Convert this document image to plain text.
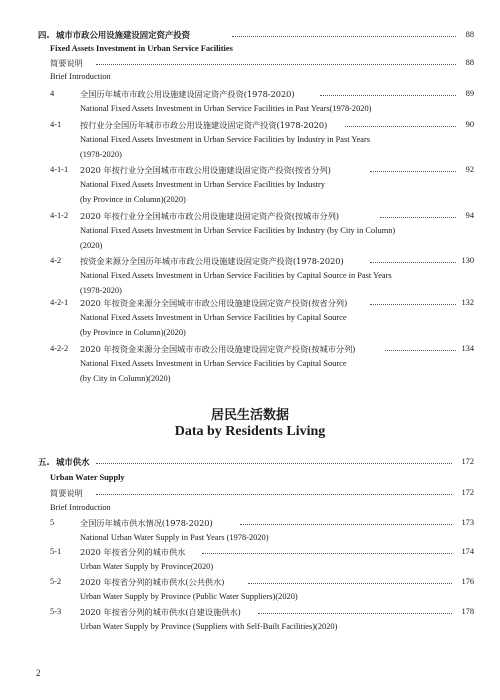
四. 城市市政公用设施建设固定资产投资	88
Fixed Assets Investment in Urban Service Facilities
简要说明	88
Brief Introduction
4	全国历年城市市政公用设施建设固定资产投资(1978-2020)	89
National Fixed Assets Investment in Urban Service Facilities in Past Years(1978-2020)
4-1 按行业分全国历年城市市政公用设施建设固定资产投资(1978-2020)	90
National Fixed Assets Investment in Urban Service Facilities by Industry in Past Years
(1978-2020)
4-1-1 2020 年按行业分全国城市市政公用设施建设固定资产投资(按省分列)	92
National Fixed Assets Investment in Urban Service Facilities by Industry
(by Province in Column)(2020)
4-1-2 2020 年按行业分全国城市市政公用设施建设固定资产投资(按城市分列)	94
National Fixed Assets Investment in Urban Service Facilities by Industry (by City in Column)
(2020)
4-2 按资金来源分全国历年城市市政公用设施建设固定资产投资(1978-2020)	130
National Fixed Assets Investment in Urban Service Facilities by Capital Source in Past Years
(1978-2020)
4-2-1 2020 年按资金来源分全国城市市政公用设施建设固定资产投资(按省分列)	132
National Fixed Assets Investment in Urban Service Facilities by Capital Source
(by Province in Column)(2020)
4-2-2 2020 年按资金来源分全国城市市政公用设施建设固定资产投资(按城市分列)	134
National Fixed Assets Investment in Urban Service Facilities by Capital Source
(by City in Column)(2020)
居民生活数据
Data by Residents Living
五. 城市供水	172
Urban Water Supply
简要说明	172
Brief Introduction
5	全国历年城市供水情况(1978-2020)	173
National Urban Water Supply in Past Years (1978-2020)
5-1 2020 年按省分列的城市供水	174
Urban Water Supply by Province(2020)
5-2 2020 年按省分列的城市供水(公共供水)	176
Urban Water Supply by Province (Public Water Suppliers)(2020)
5-3 2020 年按省分列的城市供水(自建设施供水)	178
Urban Water Supply by Province (Suppliers with Self-Built Facilities)(2020)
2
